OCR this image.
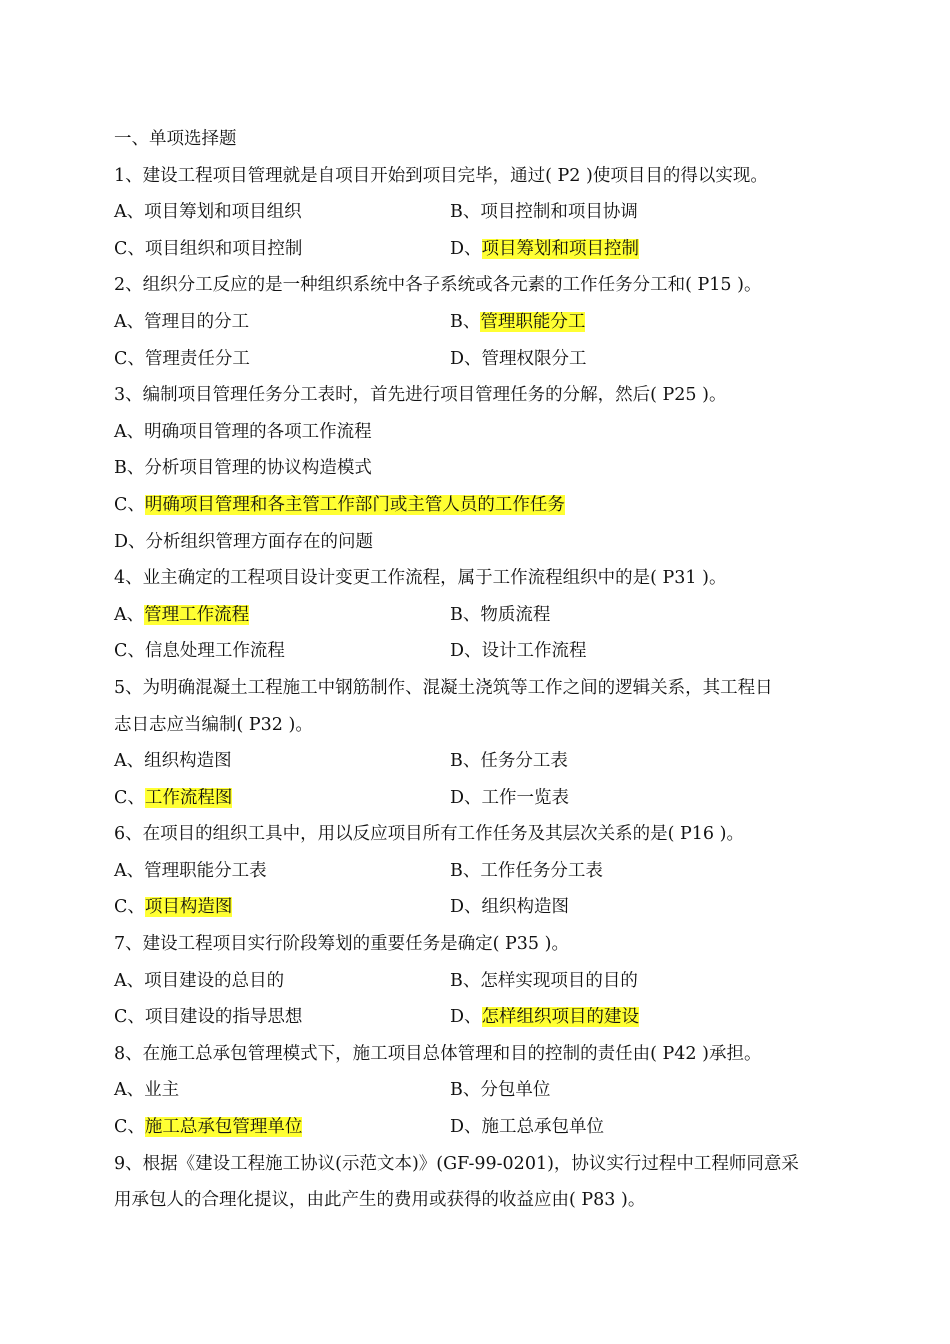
一、单项选择题
1、建设工程项目管理就是自项目开始到项目完毕，通过( P2 )使项目目的得以实现。
A、项目筹划和项目组织	B、项目控制和项目协调
C、项目组织和项目控制	D、项目筹划和项目控制
2、组织分工反应的是一种组织系统中各子系统或各元素的工作任务分工和( P15 )。
A、管理目的分工	B、管理职能分工
C、管理责任分工	D、管理权限分工
3、编制项目管理任务分工表时，首先进行项目管理任务的分解，然后( P25 )。
A、明确项目管理的各项工作流程
B、分析项目管理的协议构造模式
C、明确项目管理和各主管工作部门或主管人员的工作任务
D、分析组织管理方面存在的问题
4、业主确定的工程项目设计变更工作流程，属于工作流程组织中的是( P31 )。
A、管理工作流程	B、物质流程
C、信息处理工作流程	D、设计工作流程
5、为明确混凝土工程施工中钢筋制作、混凝土浇筑等工作之间的逻辑关系，其工程日
志日志应当编制( P32 )。
A、组织构造图	B、任务分工表
C、工作流程图	D、工作一览表
6、在项目的组织工具中，用以反应项目所有工作任务及其层次关系的是( P16 )。
A、管理职能分工表	B、工作任务分工表
C、项目构造图	D、组织构造图
7、建设工程项目实行阶段筹划的重要任务是确定( P35 )。
A、项目建设的总目的	B、怎样实现项目的目的
C、项目建设的指导思想	D、怎样组织项目的建设
8、在施工总承包管理模式下，施工项目总体管理和目的控制的责任由( P42 )承担。
A、业主	B、分包单位
C、施工总承包管理单位	D、施工总承包单位
9、根据《建设工程施工协议(示范文本)》(GF-99-0201)，协议实行过程中工程师同意采
用承包人的合理化提议，由此产生的费用或获得的收益应由( P83 )。
